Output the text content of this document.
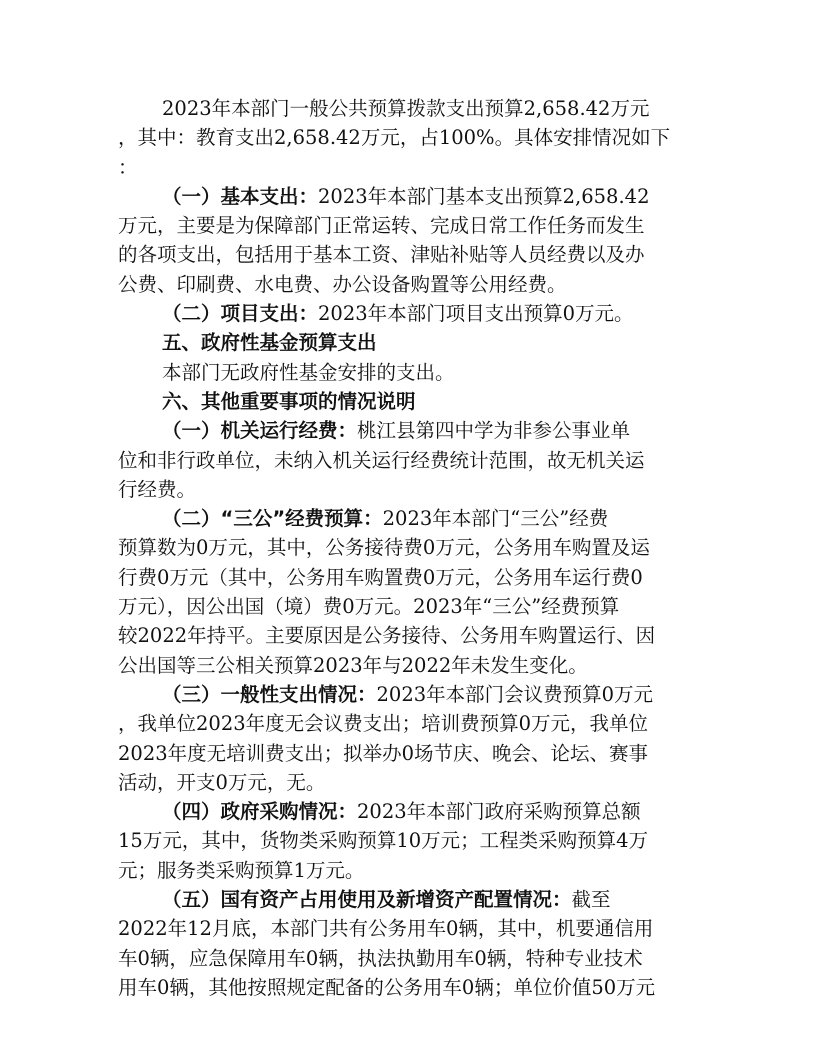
2023年本部门一般公共预算拨款支出预算2,658.42万元
，其中：教育支出2,658.42万元，占100%。具体安排情况如下
：
（一）基本支出：2023年本部门基本支出预算2,658.42
万元，主要是为保障部门正常运转、完成日常工作任务而发生
的各项支出，包括用于基本工资、津贴补贴等人员经费以及办
公费、印刷费、水电费、办公设备购置等公用经费。
（二）项目支出：2023年本部门项目支出预算0万元。
五、政府性基金预算支出
本部门无政府性基金安排的支出。
六、其他重要事项的情况说明
（一）机关运行经费：桃江县第四中学为非参公事业单
位和非行政单位，未纳入机关运行经费统计范围，故无机关运
行经费。
（二）“三公”经费预算：2023年本部门“三公”经费
预算数为0万元，其中，公务接待费0万元，公务用车购置及运
行费0万元（其中，公务用车购置费0万元，公务用车运行费0
万元），因公出国（境）费0万元。2023年“三公”经费预算
较2022年持平。主要原因是公务接待、公务用车购置运行、因
公出国等三公相关预算2023年与2022年未发生变化。
（三）一般性支出情况：2023年本部门会议费预算0万元
，我单位2023年度无会议费支出；培训费预算0万元，我单位
2023年度无培训费支出；拟举办0场节庆、晚会、论坛、赛事
活动，开支0万元，无。
（四）政府采购情况：2023年本部门政府采购预算总额
15万元，其中，货物类采购预算10万元；工程类采购预算4万
元；服务类采购预算1万元。
（五）国有资产占用使用及新增资产配置情况：截至
2022年12月底，本部门共有公务用车0辆，其中，机要通信用
车0辆，应急保障用车0辆，执法执勤用车0辆，特种专业技术
用车0辆，其他按照规定配备的公务用车0辆；单位价值50万元
